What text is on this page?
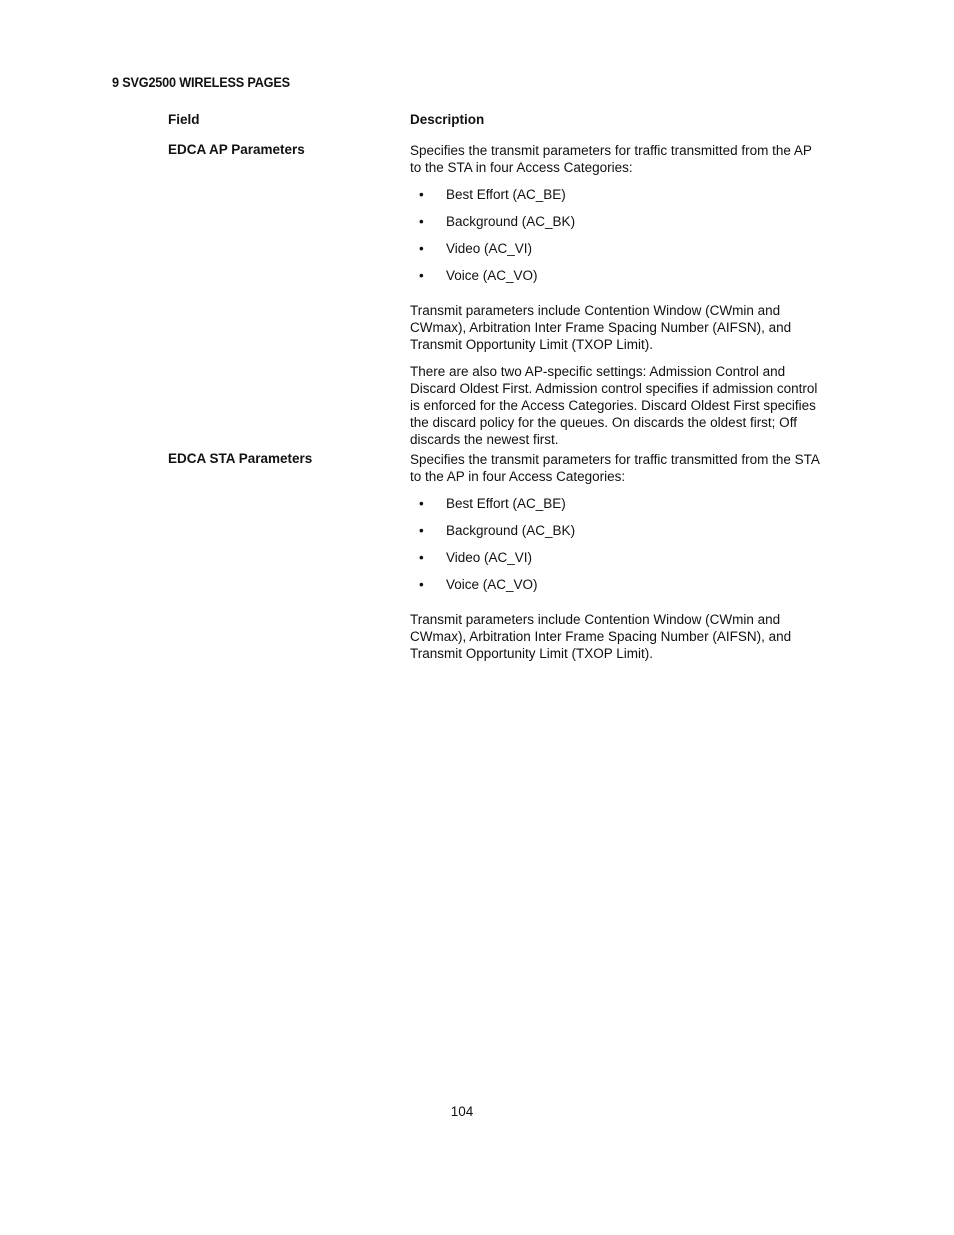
9 SVG2500 WIRELESS PAGES
Field	Description
EDCA AP Parameters	Specifies the transmit parameters for traffic transmitted from the AP to the STA in four Access Categories:

• Best Effort (AC_BE)
• Background (AC_BK)
• Video (AC_VI)
• Voice (AC_VO)

Transmit parameters include Contention Window (CWmin and CWmax), Arbitration Inter Frame Spacing Number (AIFSN), and Transmit Opportunity Limit (TXOP Limit).

There are also two AP-specific settings: Admission Control and Discard Oldest First. Admission control specifies if admission control is enforced for the Access Categories. Discard Oldest First specifies the discard policy for the queues. On discards the oldest first; Off discards the newest first.

EDCA STA Parameters	Specifies the transmit parameters for traffic transmitted from the STA to the AP in four Access Categories:

• Best Effort (AC_BE)
• Background (AC_BK)
• Video (AC_VI)
• Voice (AC_VO)

Transmit parameters include Contention Window (CWmin and CWmax), Arbitration Inter Frame Spacing Number (AIFSN), and Transmit Opportunity Limit (TXOP Limit).

104
